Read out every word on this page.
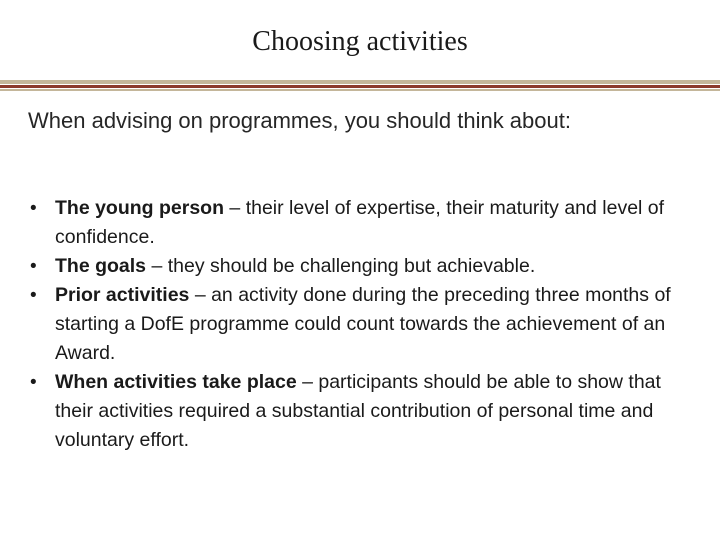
Choosing activities
When advising on programmes, you should think about:
• The young person – their level of expertise, their maturity and level of confidence.
• The goals – they should be challenging but achievable.
• Prior activities – an activity done during the preceding three months of starting a DofE programme could count towards the achievement of an Award.
• When activities take place – participants should be able to show that their activities required a substantial contribution of personal time and voluntary effort.
